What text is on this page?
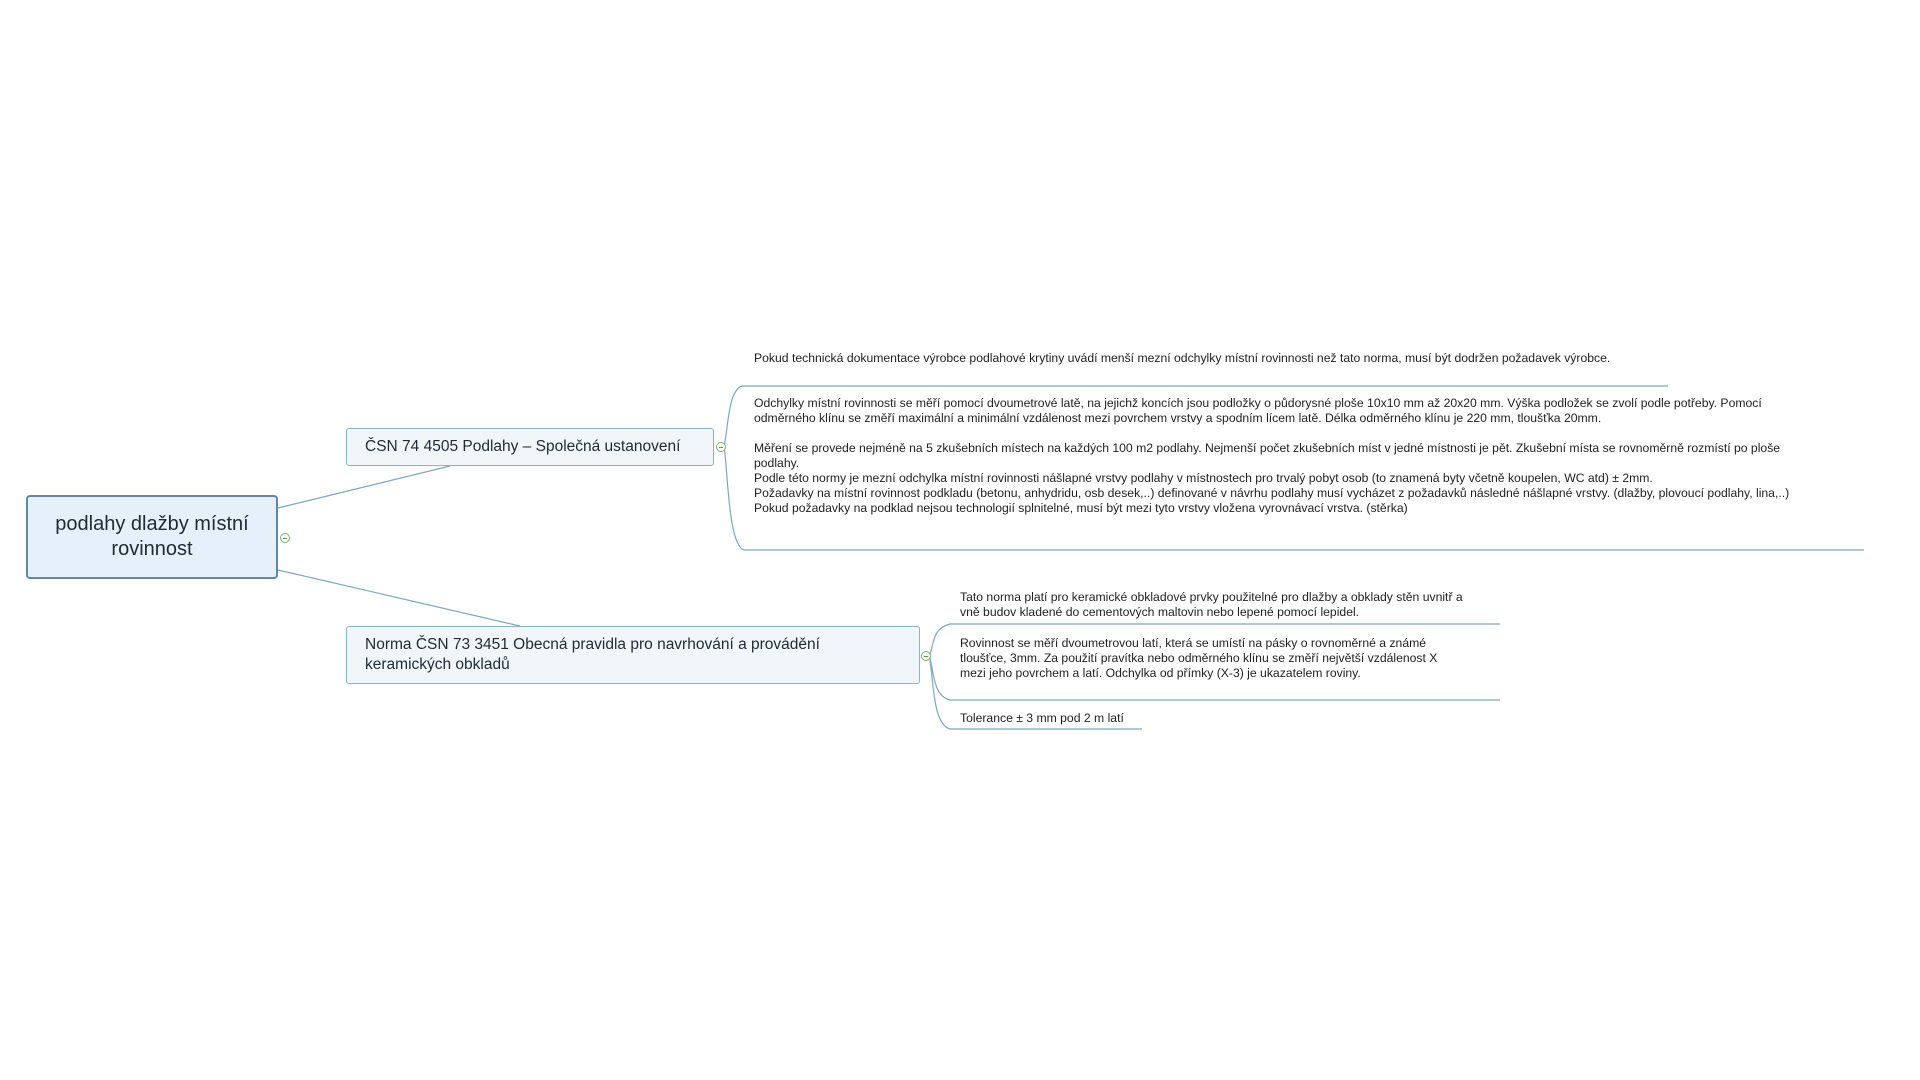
podlahy dlažby místní rovinnost
ČSN 74 4505 Podlahy – Společná ustanovení
Pokud technická dokumentace výrobce podlahové krytiny uvádí menší mezní odchylky místní rovinnosti než tato norma, musí být dodržen požadavek výrobce.
Odchylky místní rovinnosti se měří pomocí dvoumetrové latě, na jejichž koncích jsou podložky o půdorysné ploše 10x10 mm až 20x20 mm. Výška podložek se zvolí podle potřeby. Pomocí
odměrného klínu se změří maximální a minimální vzdálenost mezi povrchem vrstvy a spodním lícem latě. Délka odměrného klínu je 220 mm, tloušťka 20mm.

Měření se provede nejméně na 5 zkušebních místech na každých 100 m2 podlahy. Nejmenší počet zkušebních míst v jedné místnosti je pět. Zkušební místa se rovnoměrně rozmístí po ploše
podlahy.
Podle této normy je mezní odchylka místní rovinnosti nášlapné vrstvy podlahy v místnostech pro trvalý pobyt osob (to znamená byty včetně koupelen, WC atd) ± 2mm.
Požadavky na místní rovinnost podkladu (betonu, anhydridu, osb desek,..) definované v návrhu podlahy musí vycházet z požadavků následné nášlapné vrstvy. (dlažby, plovoucí podlahy, lina,..)
Pokud požadavky na podklad nejsou technologií splnitelné, musí být mezi tyto vrstvy vložena vyrovnávací vrstva. (stěrka)
Norma ČSN 73 3451 Obecná pravidla pro navrhování a provádění keramických obkladů
Tato norma platí pro keramické obkladové prvky použitelné pro dlažby a obklady stěn uvnitř a
vně budov kladené do cementových maltovin nebo lepené pomocí lepidel.
Rovinnost se měří dvoumetrovou latí, která se umístí na pásky o rovnoměrné a známé
tloušťce, 3mm. Za použití pravítka nebo odměrného klínu se změří největší vzdálenost X
mezi jeho povrchem a latí. Odchylka od přímky (X-3) je ukazatelem roviny.
Tolerance ± 3 mm pod 2 m latí
